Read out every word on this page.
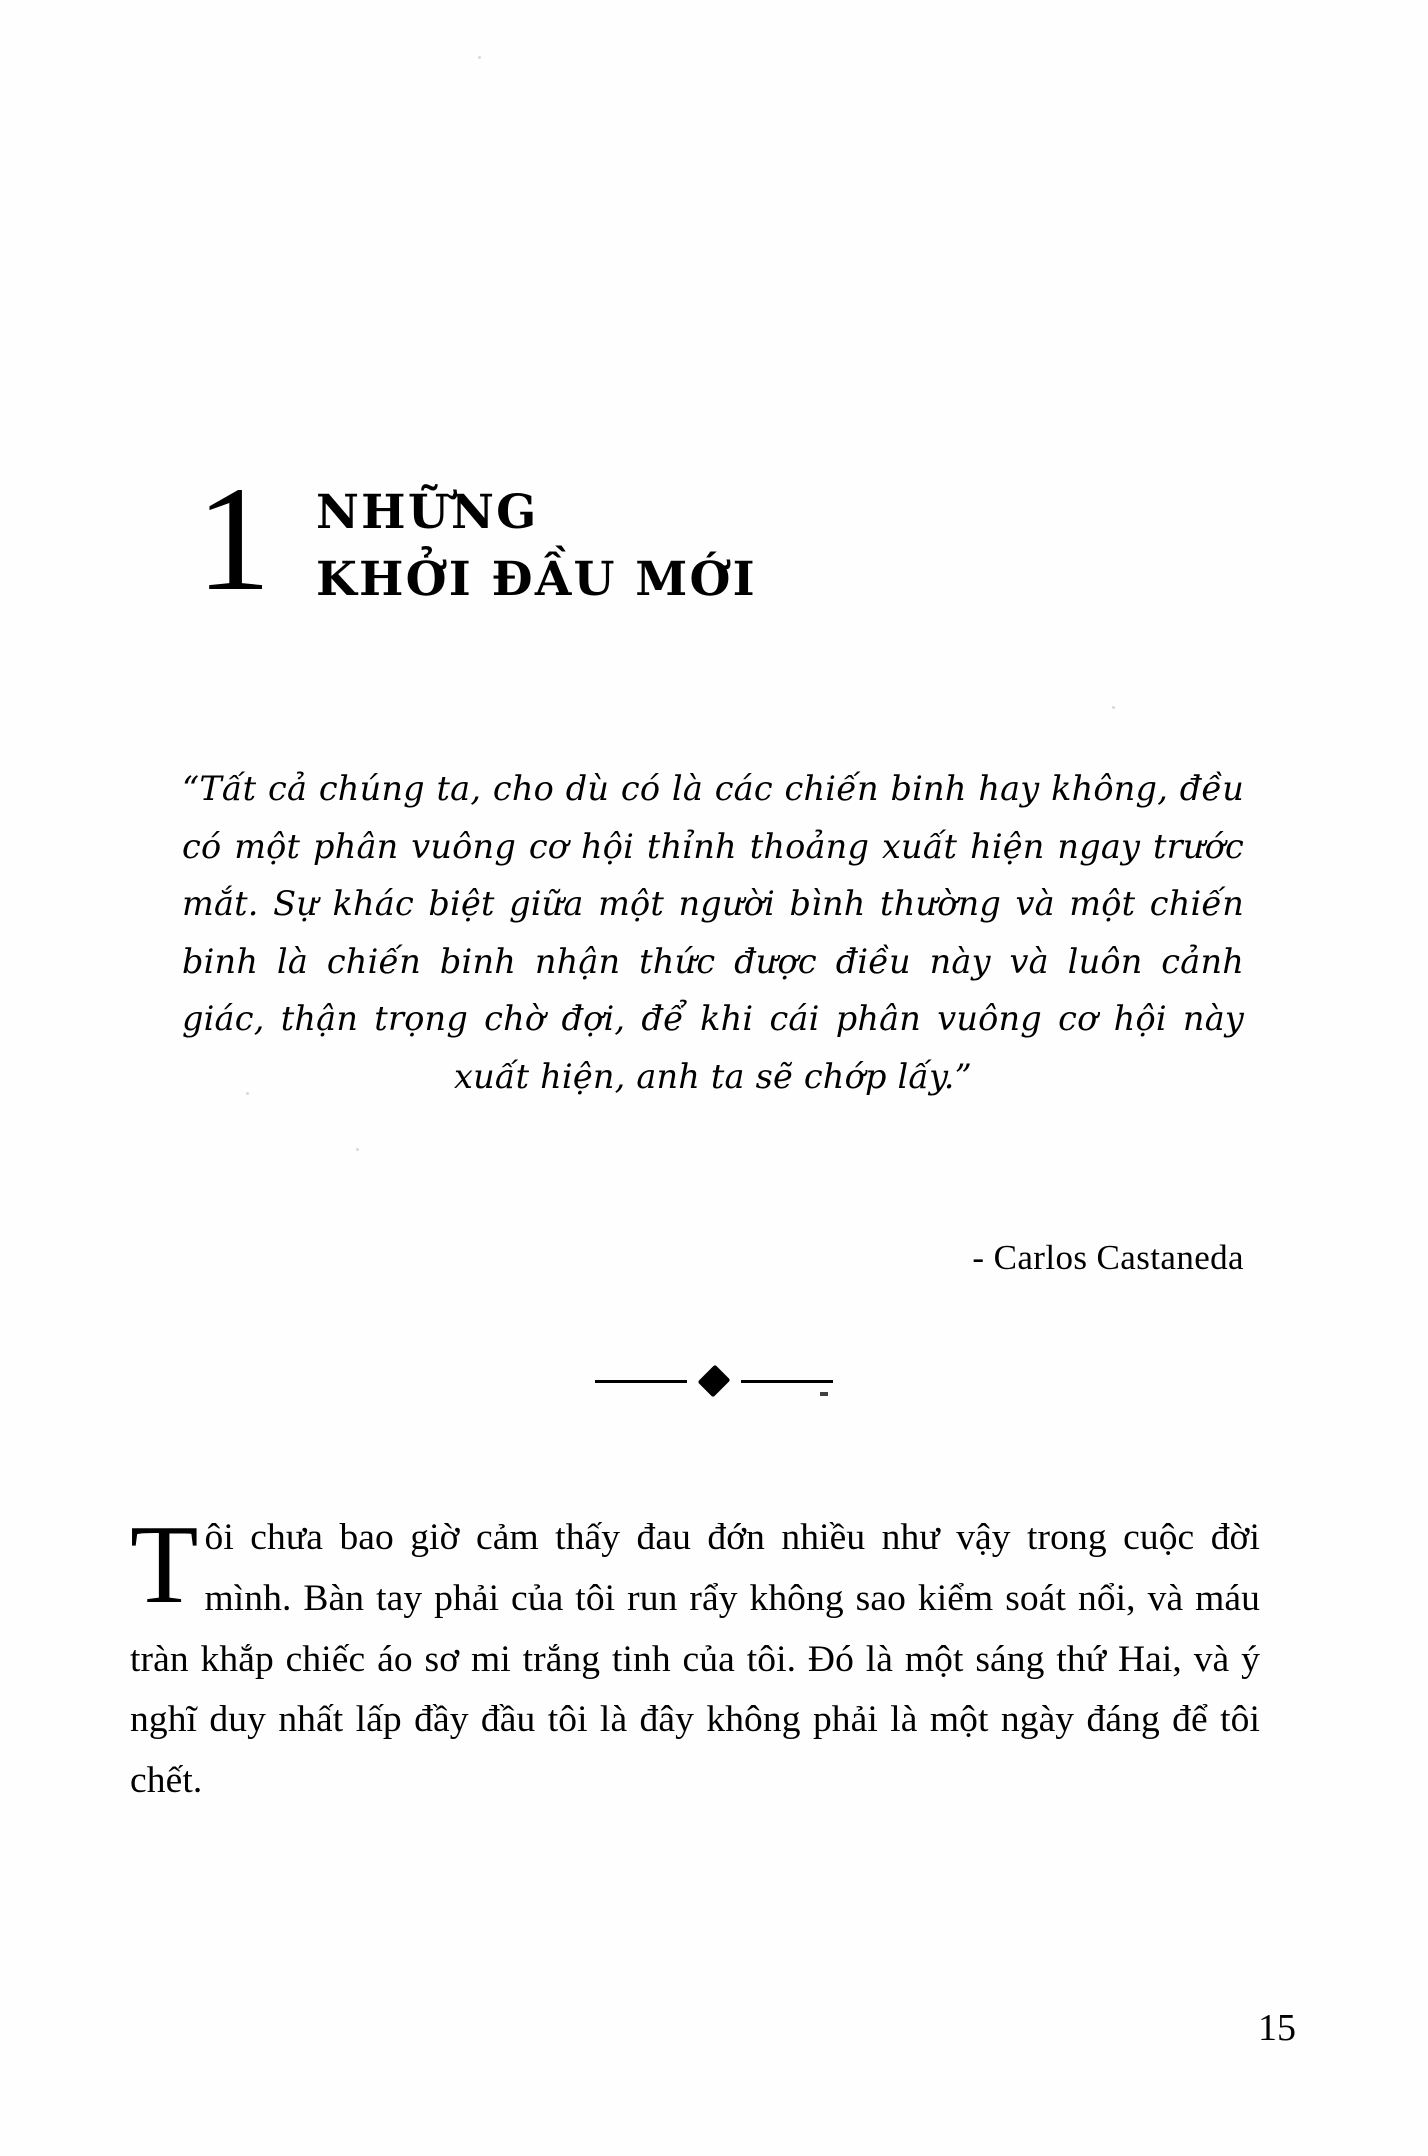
1	NHỮNG
KHỞI ĐẦU MỚI
“Tất cả chúng ta, cho dù có là các chiến binh hay không, đều có một phân vuông cơ hội thỉnh thoảng xuất hiện ngay trước mắt. Sự khác biệt giữa một người bình thường và một chiến binh là chiến binh nhận thức được điều này và luôn cảnh giác, thận trọng chờ đợi, để khi cái phân vuông cơ hội này xuất hiện, anh ta sẽ chớp lấy.”
- Carlos Castaneda

Tôi chưa bao giờ cảm thấy đau đớn nhiều như vậy trong cuộc đời mình. Bàn tay phải của tôi run rẩy không sao kiểm soát nổi, và máu tràn khắp chiếc áo sơ mi trắng tinh của tôi. Đó là một sáng thứ Hai, và ý nghĩ duy nhất lấp đầy đầu tôi là đây không phải là một ngày đáng để tôi chết.

15
